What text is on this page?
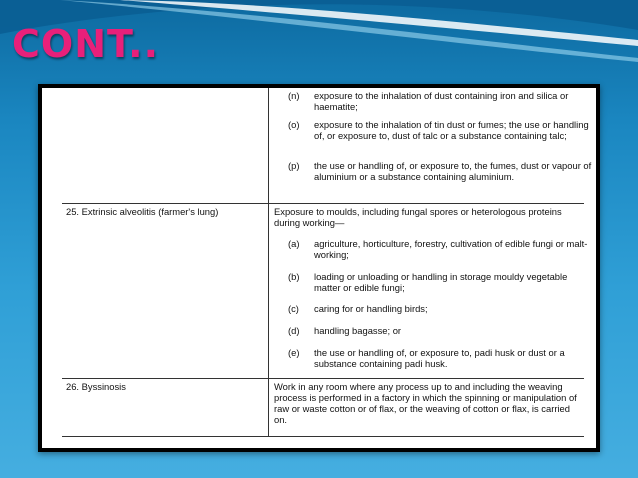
CONT..
(n) exposure to the inhalation of dust containing iron and silica or haematite;
(o) exposure to the inhalation of tin dust or fumes; the use or handling of, or exposure to, dust of talc or a substance containing talc;
(p) the use or handling of, or exposure to, the fumes, dust or vapour of aluminium or a substance containing aluminium.
25. Extrinsic alveolitis (farmer's lung)	Exposure to moulds, including fungal spores or heterologous proteins during working—
(a) agriculture, horticulture, forestry, cultivation of edible fungi or malt-working;
(b) loading or unloading or handling in storage mouldy vegetable matter or edible fungi;
(c) caring for or handling birds;
(d) handling bagasse; or
(e) the use or handling of, or exposure to, padi husk or dust or a substance containing padi husk.
26. Byssinosis	Work in any room where any process up to and including the weaving process is performed in a factory in which the spinning or manipulation of raw or waste cotton or of flax, or the weaving of cotton or flax, is carried on.
